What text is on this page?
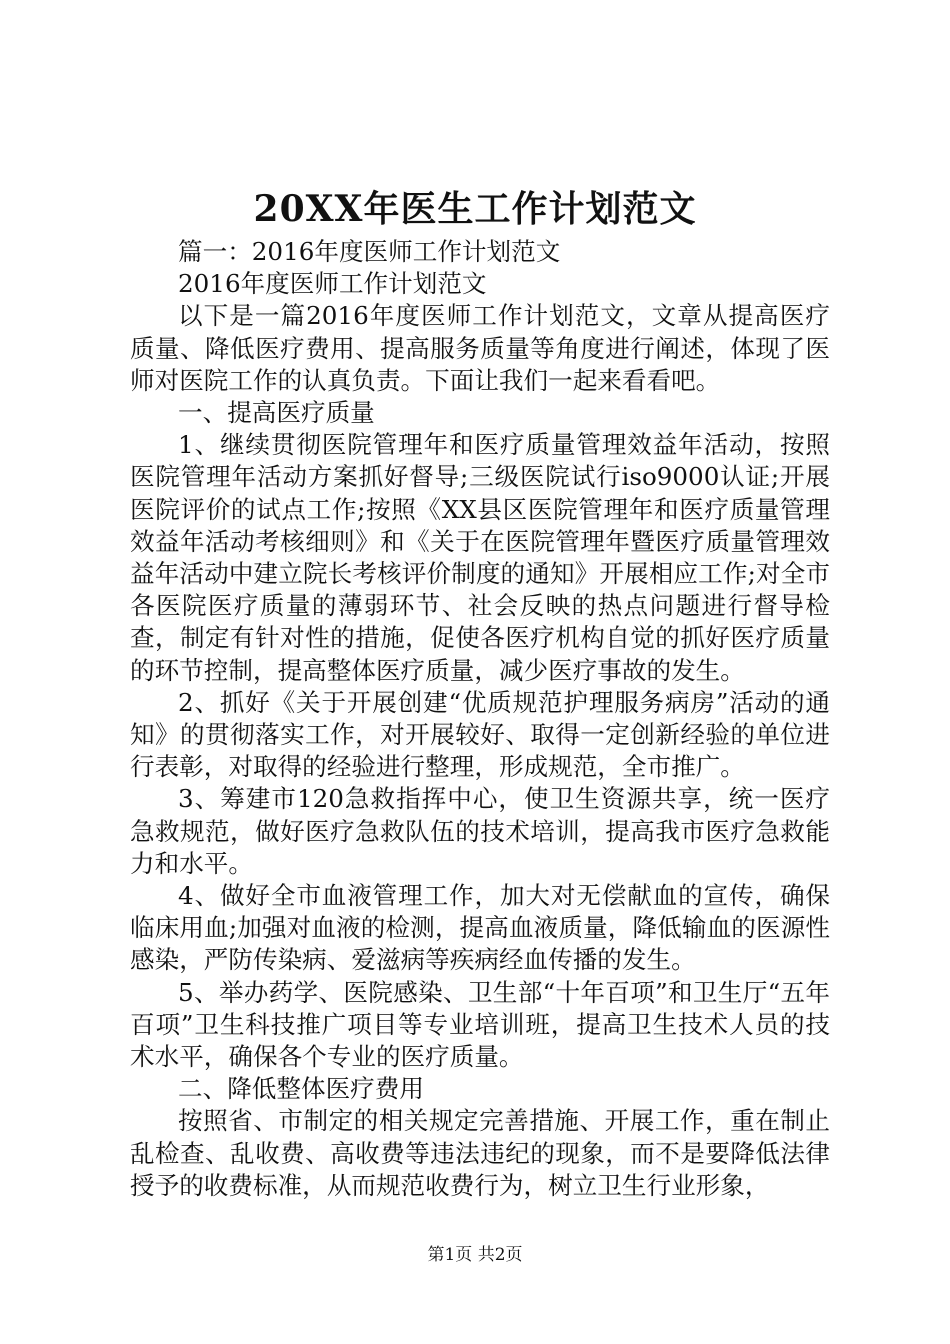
20XX年医生工作计划范文

篇一：2016年度医师工作计划范文

2016年度医师工作计划范文

以下是一篇2016年度医师工作计划范文，文章从提高医疗质量、降低医疗费用、提高服务质量等角度进行阐述，体现了医师对医院工作的认真负责。下面让我们一起来看看吧。

一、提高医疗质量

1、继续贯彻医院管理年和医疗质量管理效益年活动，按照医院管理年活动方案抓好督导;三级医院试行iso9000认证;开展医院评价的试点工作;按照《XX县区医院管理年和医疗质量管理效益年活动考核细则》和《关于在医院管理年暨医疗质量管理效益年活动中建立院长考核评价制度的通知》开展相应工作;对全市各医院医疗质量的薄弱环节、社会反映的热点问题进行督导检查，制定有针对性的措施，促使各医疗机构自觉的抓好医疗质量的环节控制，提高整体医疗质量，减少医疗事故的发生。

2、抓好《关于开展创建“优质规范护理服务病房”活动的通知》的贯彻落实工作，对开展较好、取得一定创新经验的单位进行表彰，对取得的经验进行整理，形成规范，全市推广。

3、筹建市120急救指挥中心，使卫生资源共享，统一医疗急救规范，做好医疗急救队伍的技术培训，提高我市医疗急救能力和水平。

4、做好全市血液管理工作，加大对无偿献血的宣传，确保临床用血;加强对血液的检测，提高血液质量，降低输血的医源性感染，严防传染病、爱滋病等疾病经血传播的发生。

5、举办药学、医院感染、卫生部“十年百项”和卫生厅“五年百项”卫生科技推广项目等专业培训班，提高卫生技术人员的技术水平，确保各个专业的医疗质量。

二、降低整体医疗费用

按照省、市制定的相关规定完善措施、开展工作，重在制止乱检查、乱收费、高收费等违法违纪的现象，而不是要降低法律授予的收费标准，从而规范收费行为，树立卫生行业形象，

第1页 共2页
